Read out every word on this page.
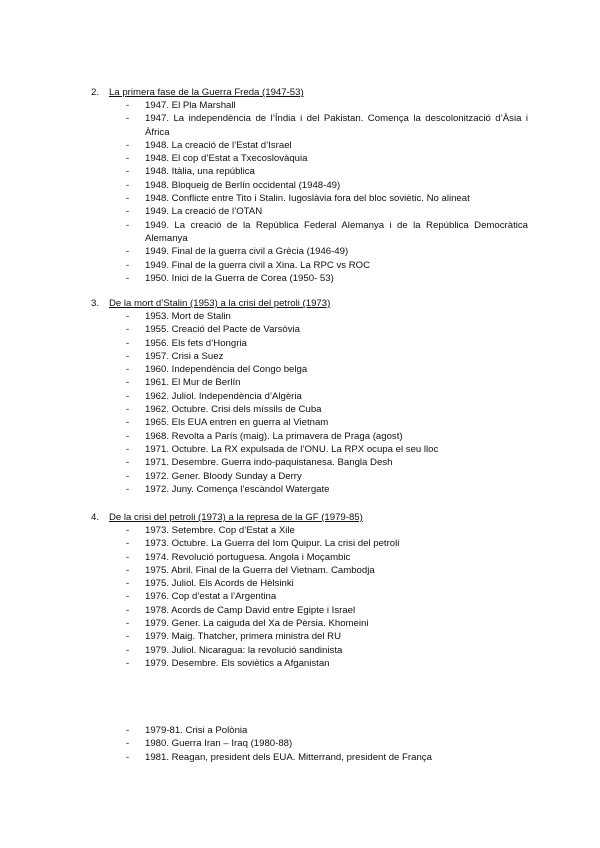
2. La primera fase de la Guerra Freda (1947-53)
- 1947. El Pla Marshall
- 1947. La independència de l’Índia i del Pakistan. Comença la descolonització d’Àsia i Àfrica
- 1948. La creació de l’Estat d’Israel
- 1948. El cop d’Estat a Txecoslovàquia
- 1948. Itàlia, una república
- 1948. Bloqueig de Berlín occidental (1948-49)
- 1948. Conflicte entre Tito i Stalin. Iugoslàvia fora del bloc soviètic. No alineat
- 1949. La creació de l’OTAN
- 1949. La creació de la República Federal Alemanya i de la República Democràtica Alemanya
- 1949. Final de la guerra civil a Grècia (1946-49)
- 1949. Final de la guerra civil a Xina. La RPC vs ROC
- 1950. Inici de la Guerra de Corea (1950- 53)
3. De la mort d’Stalin (1953) a la crisi del petroli (1973)
- 1953. Mort de Stalin
- 1955. Creació del Pacte de Varsòvia
- 1956. Els fets d’Hongria
- 1957. Crisi a Suez
- 1960. Independència del Congo belga
- 1961. El Mur de Berlín
- 1962. Juliol. Independència d’Algèria
- 1962. Octubre. Crisi dels míssils de Cuba
- 1965. Els EUA entren en guerra al Vietnam
- 1968. Revolta a París (maig). La primavera de Praga (agost)
- 1971. Octubre. La RX expulsada de l’ONU. La RPX ocupa el seu lloc
- 1971. Desembre. Guerra indo-paquistanesa. Bangla Desh
- 1972. Gener. Bloody Sunday a Derry
- 1972. Juny. Comença l’escàndol Watergate
4. De la crisi del petroli (1973) a la represa de la GF (1979-85)
- 1973. Setembre. Cop d’Estat a Xile
- 1973. Octubre. La Guerra del Iom Quipur. La crisi del petroli
- 1974. Revolució portuguesa. Angola i Moçambic
- 1975. Abril. Final de la Guerra del Vietnam. Cambodja
- 1975. Juliol. Els Acords de Hèlsinki
- 1976. Cop d’estat a l’Argentina
- 1978. Acords de Camp David entre Egipte i Israel
- 1979. Gener. La caiguda del Xa de Pèrsia. Khomeini
- 1979. Maig. Thatcher, primera ministra del RU
- 1979. Juliol. Nicaragua: la revolució sandinista
- 1979. Desembre. Els soviètics a Afganistan
- 1979-81. Crisi a Polònia
- 1980. Guerra Iran – Iraq (1980-88)
- 1981. Reagan, president dels EUA. Mitterrand, president de França
